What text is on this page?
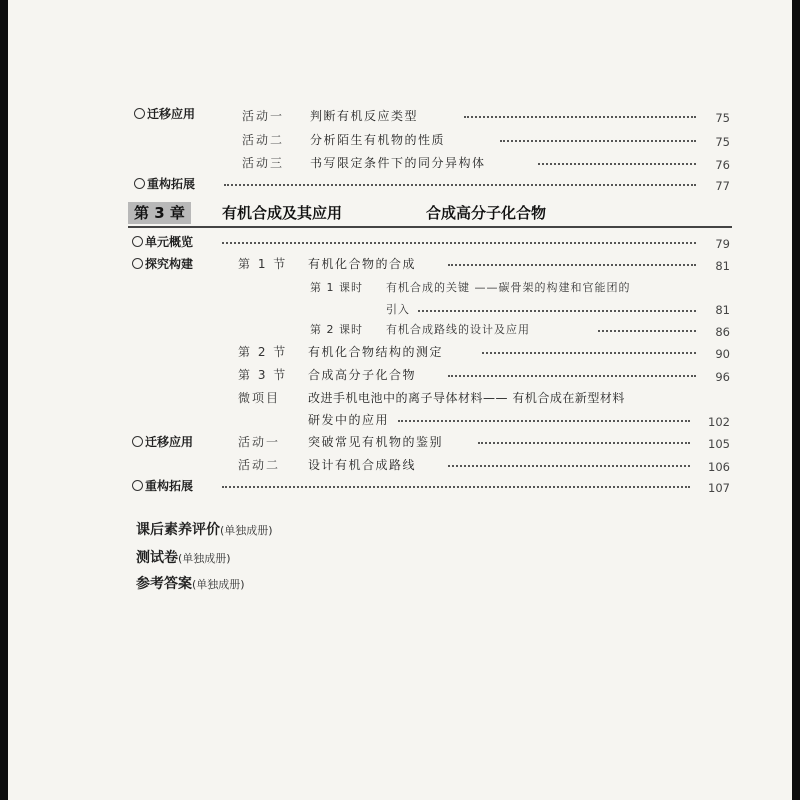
迁移应用	活动一 判断有机反应类型	75
活动二 分析陌生有机物的性质	75
活动三 书写限定条件下的同分异构体	76
重构拓展	77
第 3 章	有机合成及其应用	合成高分子化合物
单元概览	79
探究构建	第 1 节 有机化合物的合成	81
第 1 课时 有机合成的关键 ——碳骨架的构建和官能团的
引入	81
第 2 课时 有机合成路线的设计及应用	86
第 2 节 有机化合物结构的测定	90
第 3 节 合成高分子化合物	96
微项目 改进手机电池中的离子导体材料—— 有机合成在新型材料
研发中的应用	102
迁移应用	活动一 突破常见有机物的鉴别	105
活动二 设计有机合成路线	106
重构拓展	107
课后素养评价(单独成册)
测试卷(单独成册)
参考答案(单独成册)
